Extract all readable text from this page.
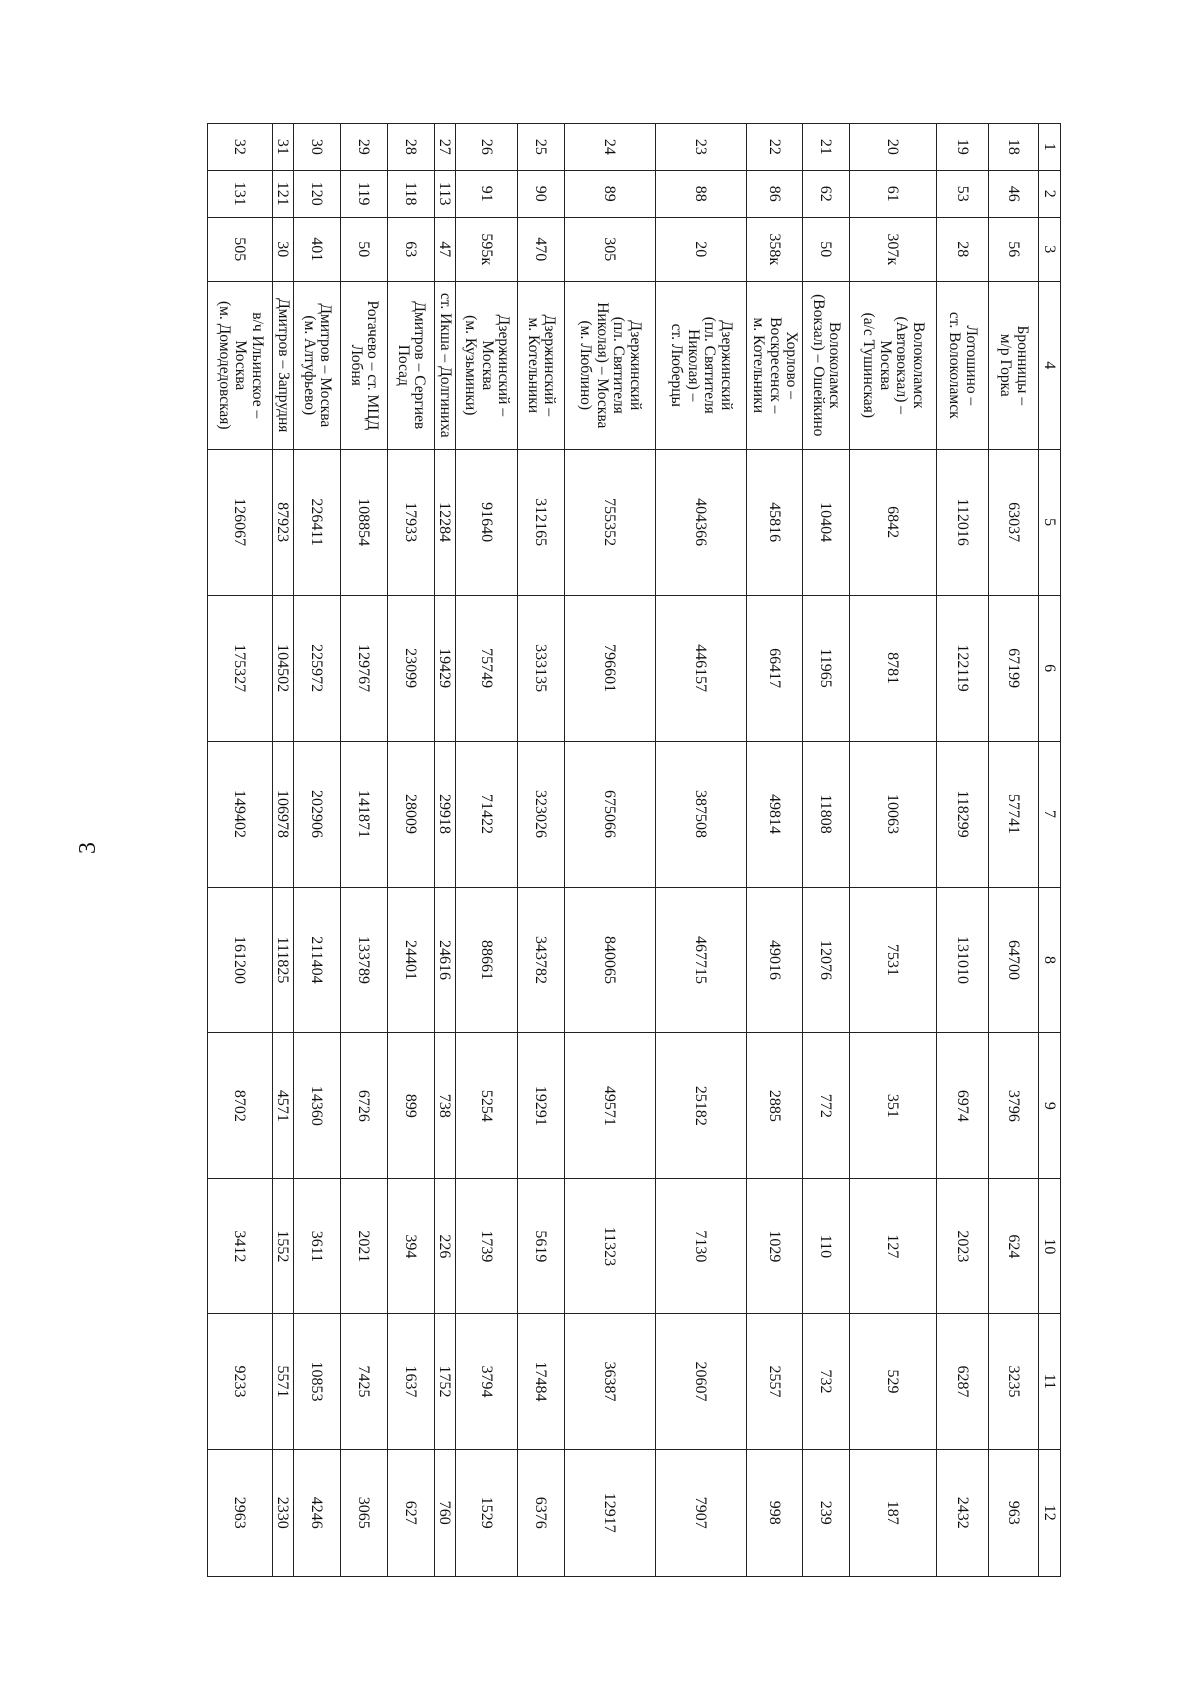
3
1	2	3	4	5	6	7	8	9	10	11	12
18	46	56	Бронницы –
м/р Горка	63037	67199	57741	64700	3796	624	3235	963
19	53	28	Лотошино –
ст. Волоколамск	112016	122119	118299	131010	6974	2023	6287	2432
20	61	307к	Волоколамск
(Автовокзал) –
Москва
(а/с Тушинская)	6842	8781	10063	7531	351	127	529	187
21	62	50	Волоколамск
(Вокзал) – Ошейкино	10404	11965	11808	12076	772	110	732	239
22	86	358к	Хорлово –
Воскресенск –
м. Котельники	45816	66417	49814	49016	2885	1029	2557	998
23	88	20	Дзержинский
(пл. Святителя
Николая) –
ст. Люберцы	404366	446157	387508	467715	25182	7130	20607	7907
24	89	305	Дзержинский
(пл. Святителя
Николая) – Москва
(м. Люблино)	755352	796601	675066	840065	49571	11323	36387	12917
25	90	470	Дзержинский –
м. Котельники	312165	333135	323026	343782	19291	5619	17484	6376
26	91	595к	Дзержинский –
Москва
(м. Кузьминки)	91640	75749	71422	88661	5254	1739	3794	1529
27	113	47	ст. Икша – Долгиниха	12284	19429	29918	24616	738	226	1752	760
28	118	63	Дмитров – Сергиев
Посад	17933	23099	28009	24401	899	394	1637	627
29	119	50	Рогачево – ст. МЦД
Лобня	108854	129767	141871	133789	6726	2021	7425	3065
30	120	401	Дмитров – Москва
(м. Алтуфьево)	226411	225972	202906	211404	14360	3611	10853	4246
31	121	30	Дмитров – Запрудня	87923	104502	106978	111825	4571	1552	5571	2330
32	131	505	в/ч Ильинское –
Москва
(м. Домодедовская)	126067	175327	149402	161200	8702	3412	9233	2963
